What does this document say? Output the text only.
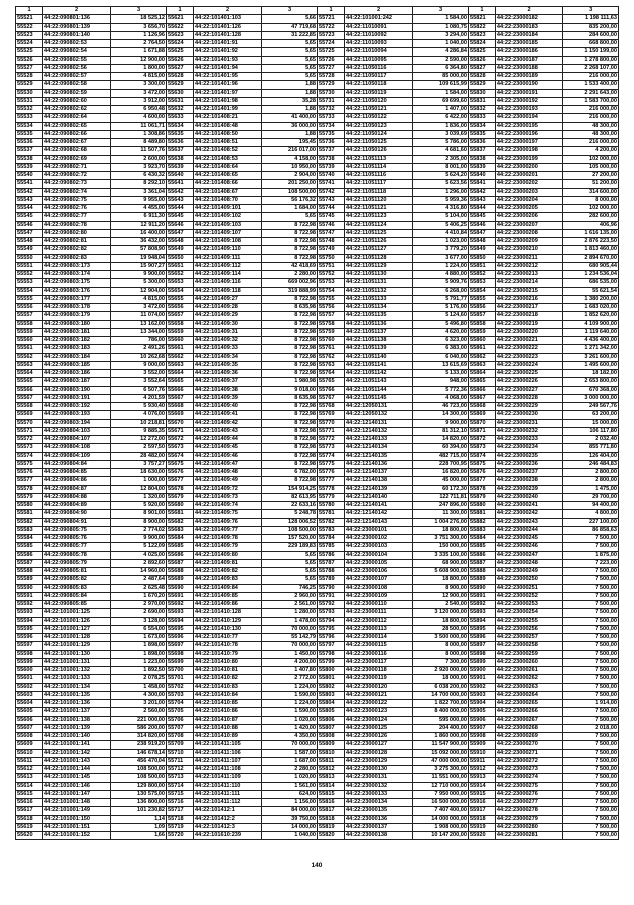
1	2	3
55521	44:22:090801:136	18 525,12
55522	44:22:090801:139	3 656,70
55523	44:22:090801:140	1 126,96
55524	44:22:090802:53	2 764,50
55525	44:22:090802:54	1 671,88
55526	44:22:090802:55	12 900,00
55527	44:22:090802:56	1 800,00
55528	44:22:090802:57	4 815,00
55529	44:22:090802:58	3 300,00
55530	44:22:090802:59	3 472,00
55531	44:22:090802:60	3 912,00
55532	44:22:090802:62	6 950,48
55533	44:22:090802:64	4 600,00
55534	44:22:090802:65	11 061,71
55535	44:22:090802:66	1 308,86
55536	44:22:090802:67	8 489,80
55537	44:22:090802:68	11 507,76
55538	44:22:090802:69	2 600,00
55539	44:22:090802:71	3 923,70
55540	44:22:090802:72	6 430,32
55541	44:22:090802:73	8 292,10
55542	44:22:090802:74	3 361,04
55543	44:22:090802:75	9 955,00
55544	44:22:090802:76	4 455,00
55545	44:22:090802:77	6 911,30
55546	44:22:090802:78	12 911,20
55547	44:22:090802:80	16 400,00
55548	44:22:090802:81	36 432,00
55549	44:22:090802:82	57 808,90
55550	44:22:090802:83	19 948,04
55551	44:22:090803:173	15 907,27
55552	44:22:090803:174	9 900,00
55553	44:22:090803:175	5 300,00
55554	44:22:090803:176	12 904,00
55555	44:22:090803:177	4 815,00
55556	44:22:090803:178	3 472,00
55557	44:22:090803:179	11 074,00
55558	44:22:090803:180	13 162,00
55559	44:22:090803:181	13 344,00
55560	44:22:090803:182	786,00
55561	44:22:090803:183	2 491,26
55562	44:22:090803:184	10 262,68
55563	44:22:090803:185	9 000,00
55564	44:22:090803:186	3 552,00
55565	44:22:090803:187	3 552,64
55566	44:22:090803:190	6 507,76
55567	44:22:090803:191	4 201,59
55568	44:22:090803:192	5 930,40
55569	44:22:090803:193	4 076,00
55570	44:22:090803:194	10 218,81
55571	44:22:090804:103	9 885,35
55572	44:22:090804:107	12 272,00
55573	44:22:090804:108	2 597,50
55574	44:22:090804:109	28 482,00
55575	44:22:090804:84	3 757,27
55576	44:22:090804:85	18 630,00
55577	44:22:090804:86	1 000,00
55578	44:22:090804:87	12 804,00
55579	44:22:090804:88	1 320,00
55580	44:22:090804:89	5 920,00
55581	44:22:090804:90	8 901,00
55582	44:22:090804:91	8 900,00
55583	44:22:090805:75	2 774,02
55584	44:22:090805:76	9 900,00
55585	44:22:090805:77	5 122,09
55586	44:22:090805:78	4 025,00
55587	44:22:090805:79	2 892,60
55588	44:22:090805:81	14 960,00
55589	44:22:090805:82	2 487,64
55590	44:22:090805:83	2 625,48
55591	44:22:090805:84	1 670,20
55592	44:22:090805:85	2 970,00
55593	44:22:101001:125	2 690,00
55594	44:22:101001:126	3 128,00
55595	44:22:101001:127	6 554,00
55596	44:22:101001:128	1 673,00
55597	44:22:101001:129	1 898,00
55598	44:22:101001:130	1 898,00
55599	44:22:101001:131	1 223,00
55600	44:22:101001:132	1 892,50
55601	44:22:101001:133	2 078,25
55602	44:22:101001:134	1 458,00
55603	44:22:101001:135	4 300,00
55604	44:22:101001:136	3 201,00
55605	44:22:101001:137	2 560,00
55606	44:22:101001:138	221 000,00
55607	44:22:101001:139	586 200,00
55608	44:22:101001:140	314 820,00
55609	44:22:101001:141	238 919,20
55610	44:22:101001:142	146 678,14
55611	44:22:101001:143	456 470,04
55612	44:22:101001:144	108 500,00
55613	44:22:101001:145	108 500,00
55614	44:22:101001:146	129 800,00
55615	44:22:101001:147	130 575,00
55616	44:22:101001:148	136 800,00
55617	44:22:101001:149	101 230,82
55618	44:22:101001:150	1,14
55619	44:22:101001:151	1,09
55620	44:22:101001:152	1,66
1	2	3
55621	44:22:101401:103	5,66
55622	44:22:101401:126	47 719,68
55623	44:22:101401:128	31 222,85
55624	44:22:101401:91	5,65
55625	44:22:101401:92	5,65
55626	44:22:101401:93	5,65
55627	44:22:101401:94	5,65
55628	44:22:101401:95	5,65
55629	44:22:101401:96	1,88
55630	44:22:101401:97	1,88
55631	44:22:101401:98	35,28
55632	44:22:101401:99	1,88
55633	44:22:101408:21	41 400,00
55634	44:22:101408:48	36 000,00
55635	44:22:101408:50	1,88
55636	44:22:101408:51	195,45
55637	44:22:101408:52	216 017,00
55638	44:22:101408:53	4 158,00
55639	44:22:101408:64	10 950,00
55640	44:22:101408:65	2 904,00
55641	44:22:101408:66	201 250,00
55642	44:22:101408:67	108 500,00
55643	44:22:101408:70	56 176,32
55644	44:22:101409:101	1 684,00
55645	44:22:101409:102	5,65
55646	44:22:101409:103	8 722,98
55647	44:22:101409:107	8 722,98
55648	44:22:101409:108	8 722,98
55649	44:22:101409:110	8 722,98
55650	44:22:101409:111	8 722,98
55651	44:22:101409:112	42 418,69
55652	44:22:101409:114	2 280,00
55653	44:22:101409:116	669 002,96
55654	44:22:101409:118	319 888,99
55655	44:22:101409:27	8 722,98
55656	44:22:101409:28	8 635,98
55657	44:22:101409:29	8 722,98
55658	44:22:101409:30	8 722,98
55659	44:22:101409:31	8 722,98
55660	44:22:101409:32	8 722,98
55661	44:22:101409:33	8 722,98
55662	44:22:101409:34	8 722,98
55663	44:22:101409:35	8 722,98
55664	44:22:101409:36	8 722,98
55665	44:22:101409:37	1 980,98
55666	44:22:101409:38	9 018,00
55667	44:22:101409:39	8 635,98
55668	44:22:101409:40	8 722,98
55669	44:22:101409:41	8 722,98
55670	44:22:101409:42	8 722,98
55671	44:22:101409:43	8 722,98
55672	44:22:101409:44	8 722,98
55673	44:22:101409:45	8 722,98
55674	44:22:101409:46	8 722,98
55675	44:22:101409:47	8 722,98
55676	44:22:101409:48	6 782,00
55677	44:22:101409:49	8 722,98
55678	44:22:101409:72	154 914,25
55679	44:22:101409:73	82 613,95
55680	44:22:101409:74	22 633,16
55681	44:22:101409:75	5 248,78
55682	44:22:101409:76	128 006,52
55683	44:22:101409:77	108 500,00
55684	44:22:101409:78	157 520,00
55685	44:22:101409:79	229 189,83
55686	44:22:101409:80	5,65
55687	44:22:101409:81	5,65
55688	44:22:101409:82	5,65
55689	44:22:101409:83	5,65
55690	44:22:101409:84	746,25
55691	44:22:101409:85	2 960,00
55692	44:22:101409:86	2 561,00
55693	44:22:101410:128	1 280,00
55694	44:22:101410:129	1 478,00
55695	44:22:101410:130	70 000,00
55696	44:22:101410:77	55 142,79
55697	44:22:101410:78	70 000,00
55698	44:22:101410:79	1 450,00
55699	44:22:101410:80	4 200,00
55700	44:22:101410:81	1 407,80
55701	44:22:101410:82	2 772,00
55702	44:22:101410:83	1 224,00
55703	44:22:101410:84	1 590,00
55704	44:22:101410:85	1 224,00
55705	44:22:101410:86	1 590,00
55706	44:22:101410:87	1 020,00
55707	44:22:101410:88	1 420,00
55708	44:22:101410:89	4 350,00
55709	44:22:101411:105	70 000,00
55710	44:22:101411:106	1 587,00
55711	44:22:101411:107	1 687,00
55712	44:22:101411:108	2 280,00
55713	44:22:101411:109	1 020,00
55714	44:22:101411:110	1 561,00
55715	44:22:101411:111	624,00
55716	44:22:101411:112	1 156,00
55717	44:22:101412:1	84 000,00
55718	44:22:101412:2	39 750,00
55719	44:22:101412:3	14 000,00
55720	44:22:101610:239	1 040,00
1	2	3
55721	44:22:101001:242	1 584,00
55722	44:22:11010091	1 080,75
55723	44:22:11010092	3 294,00
55724	44:22:11010093	1 040,00
55725	44:22:11010094	4 286,84
55726	44:22:11010095	2 590,00
55727	44:22:11050116	6 364,80
55728	44:22:11050117	85 000,00
55729	44:22:11050118	109 615,99
55730	44:22:11050119	1 584,00
55731	44:22:11050120	69 699,60
55732	44:22:11050121	1 407,00
55733	44:22:11050122	6 422,00
55734	44:22:11050123	1 836,00
55735	44:22:11050124	3 039,69
55736	44:22:11050125	5 786,00
55737	44:22:11050126	4 681,60
55738	44:22:11051113	2 305,00
55739	44:22:11051114	8 001,00
55740	44:22:11051116	5 624,20
55741	44:22:11051117	5 623,56
55742	44:22:11051118	1 296,00
55743	44:22:11051120	5 959,36
55744	44:22:11051121	4 316,80
55745	44:22:11051123	5 104,00
55746	44:22:11051124	5 406,25
55747	44:22:11051125	4 410,84
55748	44:22:11051126	1 023,00
55749	44:22:11051127	3 779,20
55750	44:22:11051128	3 677,00
55751	44:22:11051129	1 224,00
55752	44:22:11051130	4 880,00
55753	44:22:11051131	5 909,76
55754	44:22:11051132	6 268,00
55755	44:22:11051133	5 791,77
55756	44:22:11051134	5 176,00
55757	44:22:11051135	5 124,60
55758	44:22:11051136	5 496,80
55759	44:22:11051137	4 620,00
55760	44:22:11051138	6 323,00
55761	44:22:11051139	6 383,00
55762	44:22:11051140	6 040,00
55763	44:22:11051141	13 615,69
55764	44:22:11051142	5 133,00
55765	44:22:11051143	948,00
55766	44:22:11051144	5 772,36
55767	44:22:11051145	4 068,00
55768	44:22:12050131	46 723,00
55769	44:22:12050132	14 300,00
55770	44:22:12140131	9 900,00
55771	44:22:12140132	81 312,10
55772	44:22:12140133	14 820,00
55773	44:22:12140134	60 394,00
55774	44:22:12140135	482 715,00
55775	44:22:12140136	228 700,95
55776	44:22:12140137	16 820,00
55777	44:22:12140138	45 000,00
55778	44:22:12140139	60 172,30
55779	44:22:12140140	122 711,81
55780	44:22:12140141	247 896,00
55781	44:22:12140142	11 300,00
55782	44:22:12140143	1 004 276,00
55783	44:22:23000101	18 800,00
55784	44:22:23000102	3 751 300,00
55785	44:22:23000103	150 000,00
55786	44:22:23000104	3 335 100,00
55787	44:22:23000105	68 900,00
55788	44:22:23000106	5 608 900,00
55789	44:22:23000107	18 800,00
55790	44:22:23000108	8 900,00
55791	44:22:23000109	12 900,00
55792	44:22:23000110	2 540,00
55793	44:22:23000111	3 120 000,00
55794	44:22:23000112	18 800,00
55795	44:22:23000113	28 500,00
55796	44:22:23000114	3 500 000,00
55797	44:22:23000115	8 000,00
55798	44:22:23000116	8 000,00
55799	44:22:23000117	7 300,00
55800	44:22:23000118	2 920 000,00
55801	44:22:23000119	18 000,00
55802	44:22:23000120	6 038 200,00
55803	44:22:23000121	14 700 000,00
55804	44:22:23000122	1 822 700,00
55805	44:22:23000123	8 400 000,00
55806	44:22:23000124	595 000,00
55807	44:22:23000125	204 400,00
55808	44:22:23000126	1 860 000,00
55809	44:22:23000127	11 547 900,00
55810	44:22:23000128	15 092 000,00
55811	44:22:23000129	47 000 000,00
55812	44:22:23000130	3 275 300,00
55813	44:22:23000131	11 551 000,00
55814	44:22:23000132	12 710 000,00
55815	44:22:23000133	7 950 000,00
55816	44:22:23000134	16 500 000,00
55817	44:22:23000135	7 407 400,00
55818	44:22:23000136	14 000 000,00
55819	44:22:23000137	1 908 000,00
55820	44:22:23000138	10 147 200,00
1	2	3
55821	44:22:23000182	1 198 111,63
55822	44:22:23000183	835 200,00
55823	44:22:23000184	284 600,00
55824	44:22:23000185	668 800,00
55825	44:22:23000186	1 150 199,00
55826	44:22:23000187	1 278 800,00
55827	44:22:23000188	2 268 107,00
55828	44:22:23000189	216 000,00
55829	44:22:23000190	1 533 400,00
55830	44:22:23000191	2 291 643,00
55831	44:22:23000192	1 583 700,00
55832	44:22:23000193	216 000,00
55833	44:22:23000194	216 000,00
55834	44:22:23000195	48 300,00
55835	44:22:23000196	48 300,00
55836	44:22:23000197	216 000,00
55837	44:22:23000198	4 200,00
55838	44:22:23000199	102 000,00
55839	44:22:23000200	105 000,00
55840	44:22:23000201	27 200,00
55841	44:22:23000202	51 200,00
55842	44:22:23000203	314 600,00
55843	44:22:23000204	8 000,00
55844	44:22:23000205	102 000,00
55845	44:22:23000206	282 600,00
55846	44:22:23000207	406,96
55847	44:22:23000208	1 616 135,00
55848	44:22:23000209	2 876 223,50
55849	44:22:23000210	1 813 460,00
55850	44:22:23000211	2 894 670,00
55851	44:22:23000212	680 905,44
55852	44:22:23000213	1 234 536,04
55853	44:22:23000214	686 535,00
55854	44:22:23000215	55 621,54
55855	44:22:23000216	1 380 200,00
55856	44:22:23000217	1 683 020,00
55857	44:22:23000218	1 852 620,00
55858	44:22:23000219	4 109 900,00
55859	44:22:23000220	1 119 640,00
55860	44:22:23000221	4 436 400,00
55861	44:22:23000222	1 271 342,00
55862	44:22:23000223	3 261 600,00
55863	44:22:23000224	1 495 600,00
55864	44:22:23000225	18 182,00
55865	44:22:23000226	2 653 800,00
55866	44:22:23000227	670 368,00
55867	44:22:23000228	3 000 000,00
55868	44:22:23000229	249 567,76
55869	44:22:23000230	63 200,00
55870	44:22:23000231	15 000,00
55871	44:22:23000232	106 117,80
55872	44:22:23000233	2 032,40
55873	44:22:23000234	855 771,80
55874	44:22:23000235	126 404,00
55875	44:22:23000236	246 484,83
55876	44:22:23000237	2 800,00
55877	44:22:23000238	2 800,00
55878	44:22:23000239	1 475,00
55879	44:22:23000240	29 700,00
55880	44:22:23000241	94 400,00
55881	44:22:23000242	4 800,00
55882	44:22:23000243	227 100,00
55883	44:22:23000244	86 858,63
55884	44:22:23000245	7 500,00
55885	44:22:23000246	7 500,00
55886	44:22:23000247	1 875,00
55887	44:22:23000248	7 223,00
55888	44:22:23000249	7 500,00
55889	44:22:23000250	7 500,00
55890	44:22:23000251	7 500,00
55891	44:22:23000252	7 500,00
55892	44:22:23000253	7 500,00
55893	44:22:23000254	7 500,00
55894	44:22:23000255	7 500,00
55895	44:22:23000256	7 500,00
55896	44:22:23000257	7 500,00
55897	44:22:23000258	7 500,00
55898	44:22:23000259	7 500,00
55899	44:22:23000260	7 500,00
55900	44:22:23000261	7 500,00
55901	44:22:23000262	7 500,00
55902	44:22:23000263	7 500,00
55903	44:22:23000264	7 500,00
55904	44:22:23000265	1 914,00
55905	44:22:23000266	7 500,00
55906	44:22:23000267	7 500,00
55907	44:22:23000268	2 018,00
55908	44:22:23000269	7 500,00
55909	44:22:23000270	7 500,00
55910	44:22:23000271	7 500,00
55911	44:22:23000272	7 500,00
55912	44:22:23000273	7 500,00
55913	44:22:23000274	7 500,00
55914	44:22:23000275	7 500,00
55915	44:22:23000276	7 500,00
55916	44:22:23000277	7 500,00
55917	44:22:23000278	7 500,00
55918	44:22:23000279	7 500,00
55919	44:22:23000280	7 500,00
55920	44:22:23000281	7 500,00
140
